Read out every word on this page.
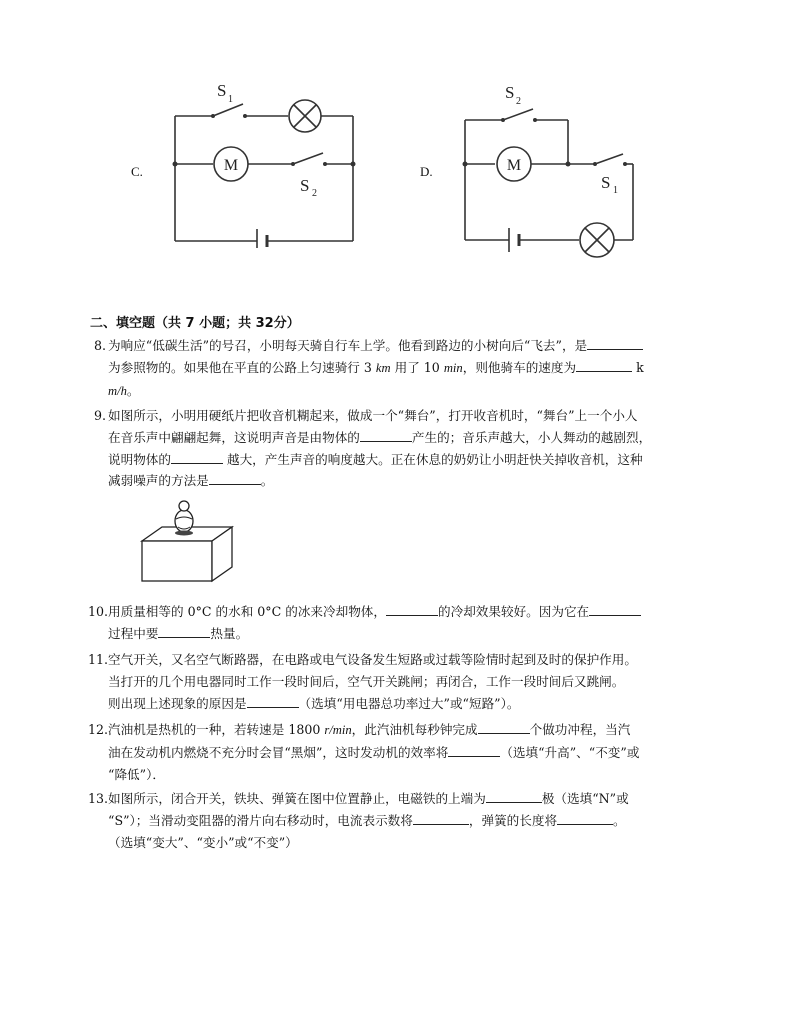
C.	M
S 1
S 2
D.	M
S 2
S 1
二、填空题（共 7 小题；共 32分）
8. 为响应“低碳生活”的号召，小明每天骑自行车上学。他看到路边的小树向后“飞去”，是
为参照物的。如果他在平直的公路上匀速骑行 3 km 用了 10 min，则他骑车的速度为	k
m/h。
9. 如图所示，小明用硬纸片把收音机糊起来，做成一个“舞台”，打开收音机时，“舞台”上一个小人
在音乐声中翩翩起舞，这说明声音是由物体的	产生的；音乐声越大，小人舞动的越剧烈，
说明物体的	越大，产生声音的响度越大。正在休息的奶奶让小明赶快关掉收音机，这种
减弱噪声的方法是	。
10. 用质量相等的 0°C 的水和 0°C 的冰来冷却物体，	的冷却效果较好。因为它在
过程中要	热量。
11. 空气开关，又名空气断路器，在电路或电气设备发生短路或过载等险情时起到及时的保护作用。
当打开的几个用电器同时工作一段时间后，空气开关跳闸；再闭合，工作一段时间后又跳闸。
则出现上述现象的原因是	（选填“用电器总功率过大”或“短路”）。
12. 汽油机是热机的一种，若转速是 1800 r/min，此汽油机每秒钟完成	个做功冲程，当汽
油在发动机内燃烧不充分时会冒“黑烟”，这时发动机的效率将	（选填“升高”、“不变”或
“降低”）．
13. 如图所示，闭合开关，铁块、弹簧在图中位置静止，电磁铁的上端为	极（选填“N”或
“S”）；当滑动变阻器的滑片向右移动时，电流表示数将	，弹簧的长度将	。
（选填“变大”、“变小”或“不变”）
